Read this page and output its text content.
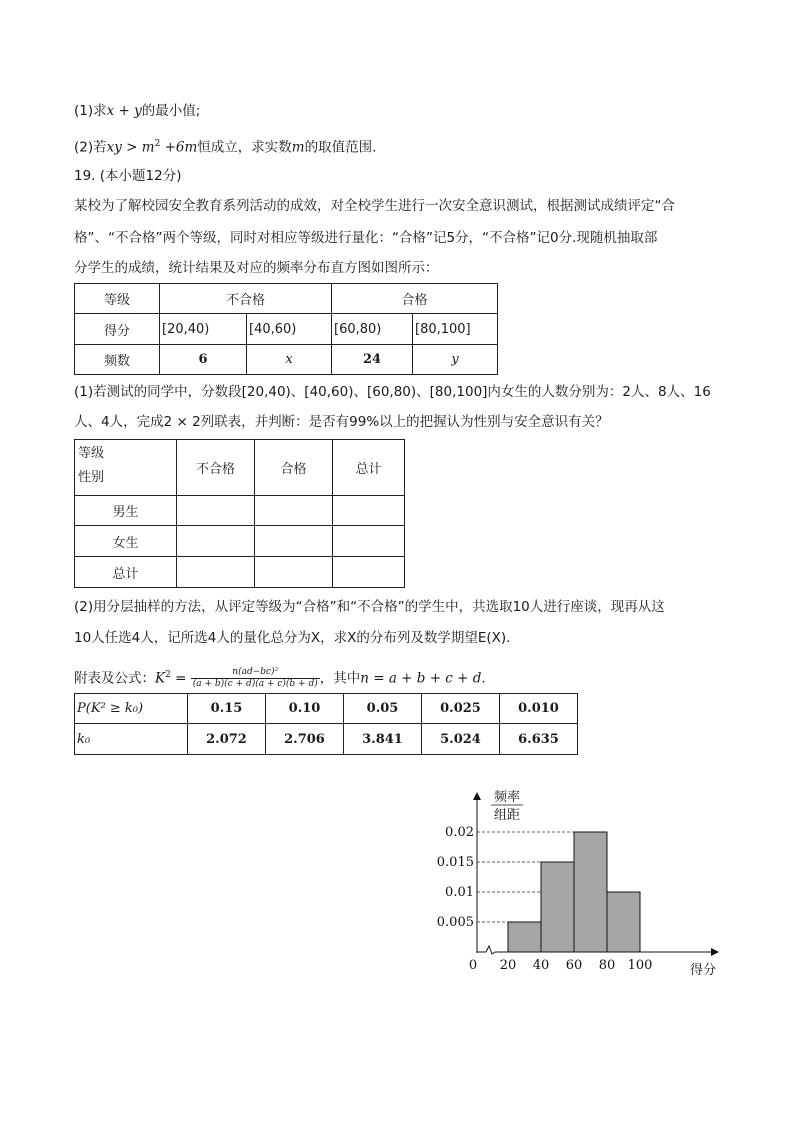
(1)求x + y的最小值;
(2)若xy > $m^2 +6m$恒成立，求实数m的取值范围.
19. (本小题12分)
某校为了解校园安全教育系列活动的成效，对全校学生进行一次安全意识测试，根据测试成绩评定“合
格”、“不合格”两个等级，同时对相应等级进行量化：“合格”记5分，“不合格”记0分.现随机抽取部
分学生的成绩，统计结果及对应的频率分布直方图如图所示：
等级	不合格		合格	
得分	[20,40)	[40,60)	[60,80)	[80,100]
频数	6	x	24	y
(1)若测试的同学中，分数段[20,40)、[40,60)、[60,80)、[80,100]内女生的人数分别为：2人、8人、16
人、4人，完成2 × 2列联表，并判断：是否有99%以上的把握认为性别与安全意识有关？
等级
性别	不合格	合格	总计
男生			
女生			
总计			
(2)用分层抽样的方法，从评定等级为“合格”和“不合格”的学生中，共选取10人进行座谈，现再从这
10人任选4人，记所选4人的量化总分为X，求X的分布列及数学期望E(X).
附表及公式：$K^2 = \frac{\text{n(ad−bc)²}}{(a + b)(c + d)(a + c)(b + d)}$ ，其中n = a + b + c + d.
P(K² ≥ k₀)	0.15	0.10	0.05	0.025	0.010
k₀	2.072	2.706	3.841	5.024	6.635
0.005
0.01
0.015
0.02
20 40 60 80 100
0	得分
频率
组距
